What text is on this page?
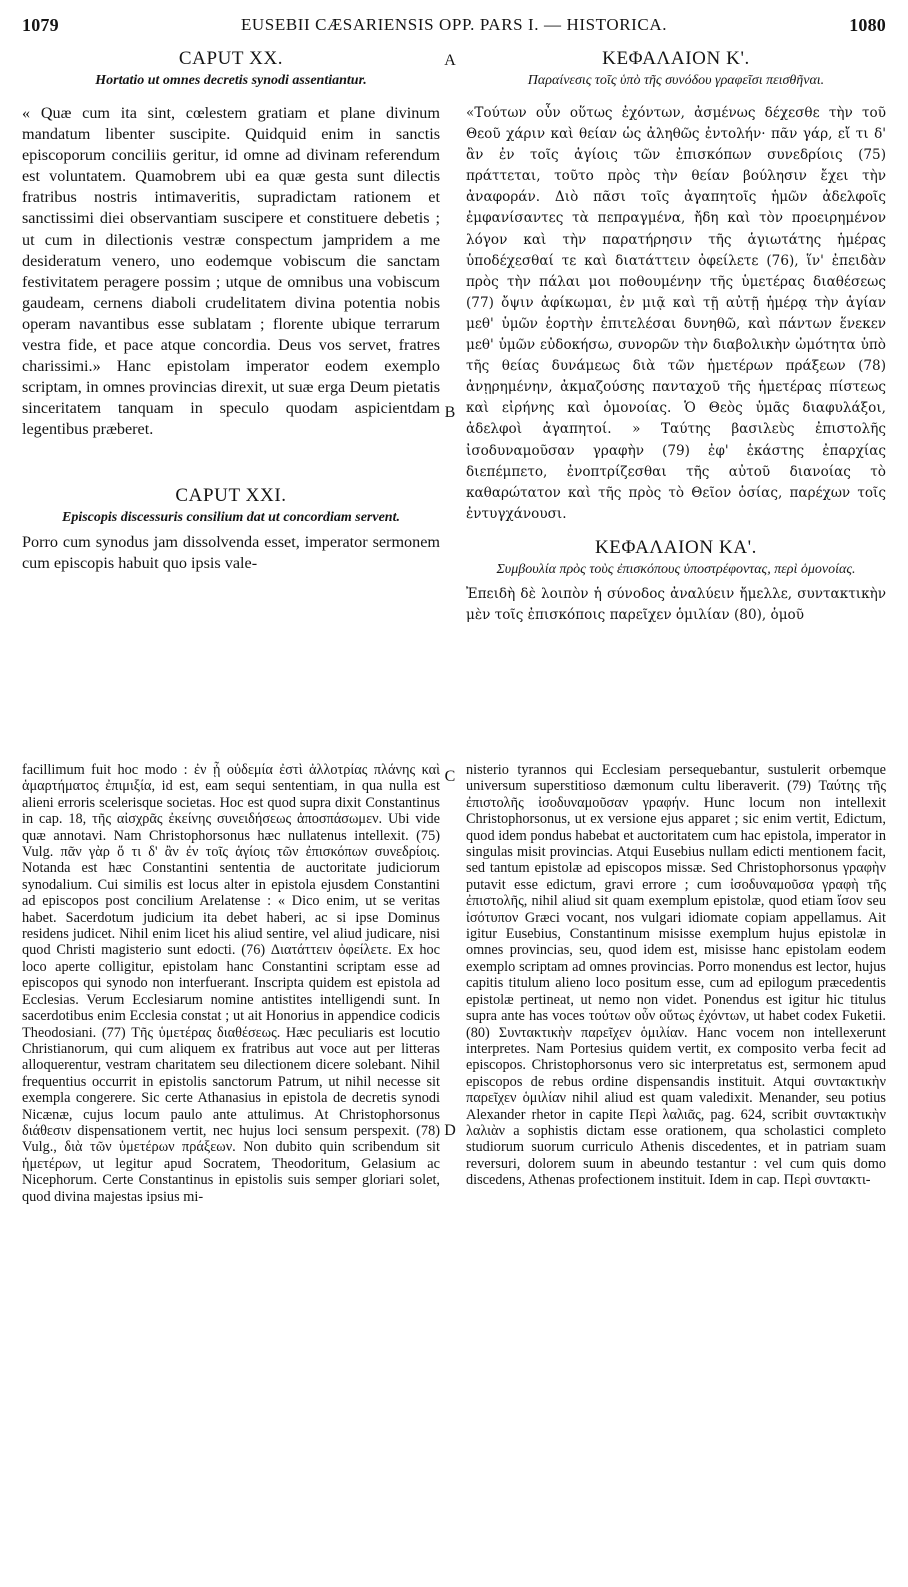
1079	EUSEBII CÆSARIENSIS OPP. PARS I. — HISTORICA.	1080
A
B
C
D
CAPUT XX.
Hortatio ut omnes decretis synodi assentiantur.

« Quæ cum ita sint, cœlestem gratiam et plane divinum mandatum libenter suscipite. Quidquid enim in sanctis episcoporum conciliis geritur, id omne ad divinam referendum est voluntatem. Quamobrem ubi ea quæ gesta sunt dilectis fratribus nostris intimaveritis, supradictam rationem et sanctissimi diei observantiam suscipere et constituere debetis ; ut cum in dilectionis vestræ conspectum jampridem a me desideratum venero, uno eodemque vobiscum die sanctam festivitatem peragere possim ; utque de omnibus una vobiscum gaudeam, cernens diaboli crudelitatem divina potentia nobis operam navantibus esse sublatam ; florente ubique terrarum vestra fide, et pace atque concordia. Deus vos servet, fratres charissimi.» Hanc epistolam imperator eodem exemplo scriptam, in omnes provincias direxit, ut suæ erga Deum pietatis sinceritatem tanquam in speculo quodam aspicientdam legentibus præberet.

CAPUT XXI.
Episcopis discessuris consilium dat ut concordiam servent.

Porro cum synodus jam dissolvenda esset, imperator sermonem cum episcopis habuit quo ipsis vale-

ΚΕΦΑΛΑΙΟΝ Κ'.
Παραίνεσις τοῖς ὑπὸ τῆς συνόδου γραφεῖσι πεισθῆναι.

«Τούτων οὖν οὕτως ἐχόντων, ἀσμένως δέχεσθε τὴν τοῦ Θεοῦ χάριν καὶ θείαν ὡς ἀληθῶς ἐντολήν· πᾶν γάρ, εἴ τι δ' ἂν ἐν τοῖς ἁγίοις τῶν ἐπισκόπων συνεδρίοις (75) πράττεται, τοῦτο πρὸς τὴν θείαν βούλησιν ἔχει τὴν ἀναφοράν. Διὸ πᾶσι τοῖς ἀγαπητοῖς ἡμῶν ἀδελφοῖς ἐμφανίσαντες τὰ πεπραγμένα, ἤδη καὶ τὸν προειρημένον λόγον καὶ τὴν παρατήρησιν τῆς ἁγιωτάτης ἡμέρας ὑποδέχεσθαί τε καὶ διατάττειν ὀφείλετε (76), ἵν' ἐπειδὰν πρὸς τὴν πάλαι μοι ποθουμένην τῆς ὑμετέρας διαθέσεως (77) ὄψιν ἀφίκωμαι, ἐν μιᾷ καὶ τῇ αὐτῇ ἡμέρᾳ τὴν ἁγίαν μεθ' ὑμῶν ἑορτὴν ἐπιτελέσαι δυνηθῶ, καὶ πάντων ἕνεκεν μεθ' ὑμῶν εὐδοκήσω, συνορῶν τὴν διαβολικὴν ὠμότητα ὑπὸ τῆς θείας δυνάμεως διὰ τῶν ἡμετέρων πράξεων (78) ἀνῃρημένην, ἀκμαζούσης πανταχοῦ τῆς ἡμετέρας πίστεως καὶ εἰρήνης καὶ ὁμονοίας. Ὁ Θεὸς ὑμᾶς διαφυλάξοι, ἀδελφοὶ ἀγαπητοί. » Ταύτης βασιλεὺς ἐπιστολῆς ἰσοδυναμοῦσαν γραφὴν (79) ἐφ' ἑκάστης ἐπαρχίας διεπέμπετο, ἐνοπτρίζεσθαι τῆς αὐτοῦ διανοίας τὸ καθαρώτατον καὶ τῆς πρὸς τὸ Θεῖον ὁσίας, παρέχων τοῖς ἐντυγχάνουσι.

ΚΕΦΑΛΑΙΟΝ ΚΑ'.
Συμβουλία πρὸς τοὺς ἐπισκόπους ὑποστρέφοντας, περὶ ὁμονοίας.

Ἐπειδὴ δὲ λοιπὸν ἡ σύνοδος ἀναλύειν ἤμελλε, συντακτικὴν μὲν τοῖς ἐπισκόποις παρεῖχεν ὁμιλίαν (80), ὁμοῦ

facillimum fuit hoc modo : ἐν ᾗ οὐδεμία ἐστὶ ἀλλοτρίας πλάνης καὶ ἁμαρτήματος ἐπιμιξία, id est, eam sequi sententiam, in qua nulla est alieni erroris scelerisque societas. Hoc est quod supra dixit Constantinus in cap. 18, τῆς αἰσχρᾶς ἐκείνης συνειδήσεως ἀποσπάσωμεν. Ubi vide quæ annotavi. Nam Christophorsonus hæc nullatenus intellexit. (75) Vulg. πᾶν γὰρ ὅ τι δ' ἂν ἐν τοῖς ἁγίοις τῶν ἐπισκόπων συνεδρίοις. Notanda est hæc Constantini sententia de auctoritate judiciorum synodalium. Cui similis est locus alter in epistola ejusdem Constantini ad episcopos post concilium Arelatense : « Dico enim, ut se veritas habet. Sacerdotum judicium ita debet haberi, ac si ipse Dominus residens judicet. Nihil enim licet his aliud sentire, vel aliud judicare, nisi quod Christi magisterio sunt edocti. (76) Διατάττειν ὀφείλετε. Ex hoc loco aperte colligitur, epistolam hanc Constantini scriptam esse ad episcopos qui synodo non interfuerant. Inscripta quidem est epistola ad Ecclesias. Verum Ecclesiarum nomine antistites intelligendi sunt. In sacerdotibus enim Ecclesia constat ; ut ait Honorius in appendice codicis Theodosiani. (77) Τῆς ὑμετέρας διαθέσεως. Hæc peculiaris est locutio Christianorum, qui cum aliquem ex fratribus aut voce aut per litteras alloquerentur, vestram charitatem seu dilectionem dicere solebant. Nihil frequentius occurrit in epistolis sanctorum Patrum, ut nihil necesse sit exempla congerere. Sic certe Athanasius in epistola de decretis synodi Nicænæ, cujus locum paulo ante attulimus. At Christophorsonus διάθεσιν dispensationem vertit, nec hujus loci sensum perspexit. (78) Vulg., διὰ τῶν ὑμετέρων πράξεων. Non dubito quin scribendum sit ἡμετέρων, ut legitur apud Socratem, Theodoritum, Gelasium ac Nicephorum. Certe Constantinus in epistolis suis semper gloriari solet, quod divina majestas ipsius mi-

nisterio tyrannos qui Ecclesiam persequebantur, sustulerit orbemque universum superstitioso dæmonum cultu liberaverit. (79) Ταύτης τῆς ἐπιστολῆς ἰσοδυναμοῦσαν γραφήν. Hunc locum non intellexit Christophorsonus, ut ex versione ejus apparet ; sic enim vertit, Edictum, quod idem pondus habebat et auctoritatem cum hac epistola, imperator in singulas misit provincias. Atqui Eusebius nullam edicti mentionem facit, sed tantum epistolæ ad episcopos missæ. Sed Christophorsonus γραφὴν putavit esse edictum, gravi errore ; cum ἰσοδυναμοῦσα γραφὴ τῆς ἐπιστολῆς, nihil aliud sit quam exemplum epistolæ, quod etiam ἴσον seu ἰσότυπον Græci vocant, nos vulgari idiomate copiam appellamus. Ait igitur Eusebius, Constantinum misisse exemplum hujus epistolæ in omnes provincias, seu, quod idem est, misisse hanc epistolam eodem exemplo scriptam ad omnes provincias. Porro monendus est lector, hujus capitis titulum alieno loco positum esse, cum ad epilogum præcedentis epistolæ pertineat, ut nemo non videt. Ponendus est igitur hic titulus supra ante has voces τούτων οὖν οὕτως ἐχόντων, ut habet codex Fuketii. (80) Συντακτικὴν παρεῖχεν ὁμιλίαν. Hanc vocem non intellexerunt interpretes. Nam Portesius quidem vertit, ex composito verba fecit ad episcopos. Christophorsonus vero sic interpretatus est, sermonem apud episcopos de rebus ordine dispensandis instituit. Atqui συντακτικὴν παρεῖχεν ὁμιλίαν nihil aliud est quam valedixit. Menander, seu potius Alexander rhetor in capite Περὶ λαλιᾶς, pag. 624, scribit συντακτικὴν λαλιὰν a sophistis dictam esse orationem, qua scholastici completo studiorum suorum curriculo Athenis discedentes, et in patriam suam reversuri, dolorem suum in abeundo testantur : vel cum quis domo discedens, Athenas profectionem instituit. Idem in cap. Περὶ συντακτι-
